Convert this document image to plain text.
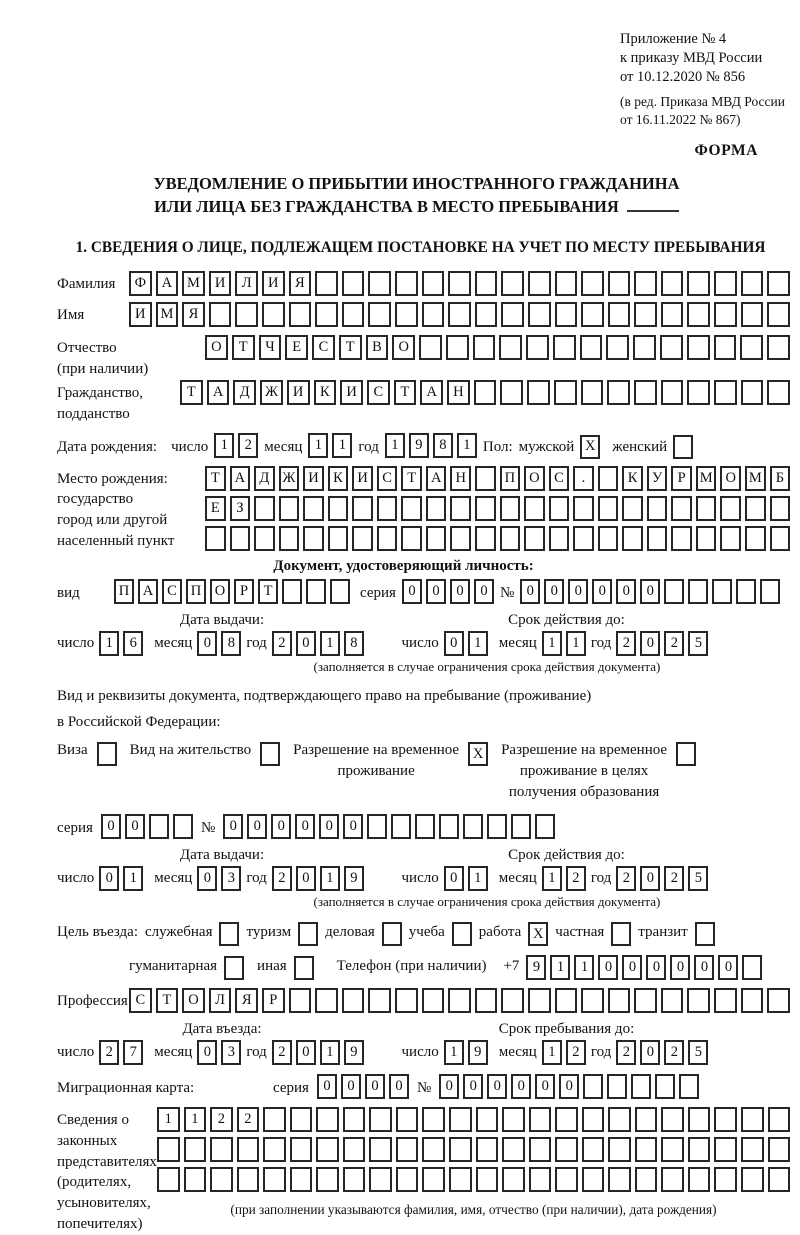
Приложение № 4
к приказу МВД России
от 10.12.2020 № 856
(в ред. Приказа МВД России
от 16.11.2022 № 867)
ФОРМА
УВЕДОМЛЕНИЕ О ПРИБЫТИИ ИНОСТРАННОГО ГРАЖДАНИНА
ИЛИ ЛИЦА БЕЗ ГРАЖДАНСТВА В МЕСТО ПРЕБЫВАНИЯ
1. СВЕДЕНИЯ О ЛИЦЕ, ПОДЛЕЖАЩЕМ ПОСТАНОВКЕ НА УЧЕТ ПО МЕСТУ ПРЕБЫВАНИЯ
Фамилия	Ф	А	М	И	Л	И	Я
Имя	И	М	Я
Отчество
(при наличии)
О	Т	Ч	Е	С	Т	В	О
Гражданство,
подданство
Т	А	Д	Ж	И	К	И	С	Т	А	Н
Дата рождения: число 1	2 месяц 1	1 год 1	9	8	1 Пол: мужской X	женский
Место рождения:
государство
город или другой
населенный пункт
Т	А Д Ж И К И С	Т	А Н	П О С	.	К	У	Р М О М Б
Е	З
Документ, удостоверяющий личность:
вид	П А С П О	Р	Т	серия 0	0	0	0 № 0	0	0	0	0	0
Дата выдачи:
число 1	6	месяц 0	8 год 2	0	1	8
Срок действия до:
число 0	1	месяц 1	1 год 2	0	2	5
(заполняется в случае ограничения срока действия документа)
Вид и реквизиты документа, подтверждающего право на пребывание (проживание)
в Российской Федерации:
Виза	Вид на жительство	Разрешение на временное
проживание
X	Разрешение на временное
проживание в целях
получения образования
серия 0	0	№ 0	0	0	0	0	0
Дата выдачи:
число 0	1	месяц 0	3 год 2	0	1	9
Срок действия до:
число 0	1	месяц 1	2 год 2	0	2	5
(заполняется в случае ограничения срока действия документа)
Цель въезда: служебная туризм деловая учеба работа X частная транзит
гуманитарная	иная	Телефон (при наличии) +7 9	1	1	0	0	0	0	0	0
Профессия С	Т	О	Л	Я	Р
Дата въезда:
число 2	7	месяц 0	3 год 2	0	1	9
Срок пребывания до:
число 1	9	месяц 1	2 год 2	0	2	5
Миграционная карта:	серия 0	0	0	0 № 0	0	0	0	0	0
Сведения о
законных
представителях
(родителях,
усыновителях,
попечителях)
1	1	2	2
(при заполнении указываются фамилия, имя, отчество (при наличии), дата рождения)
